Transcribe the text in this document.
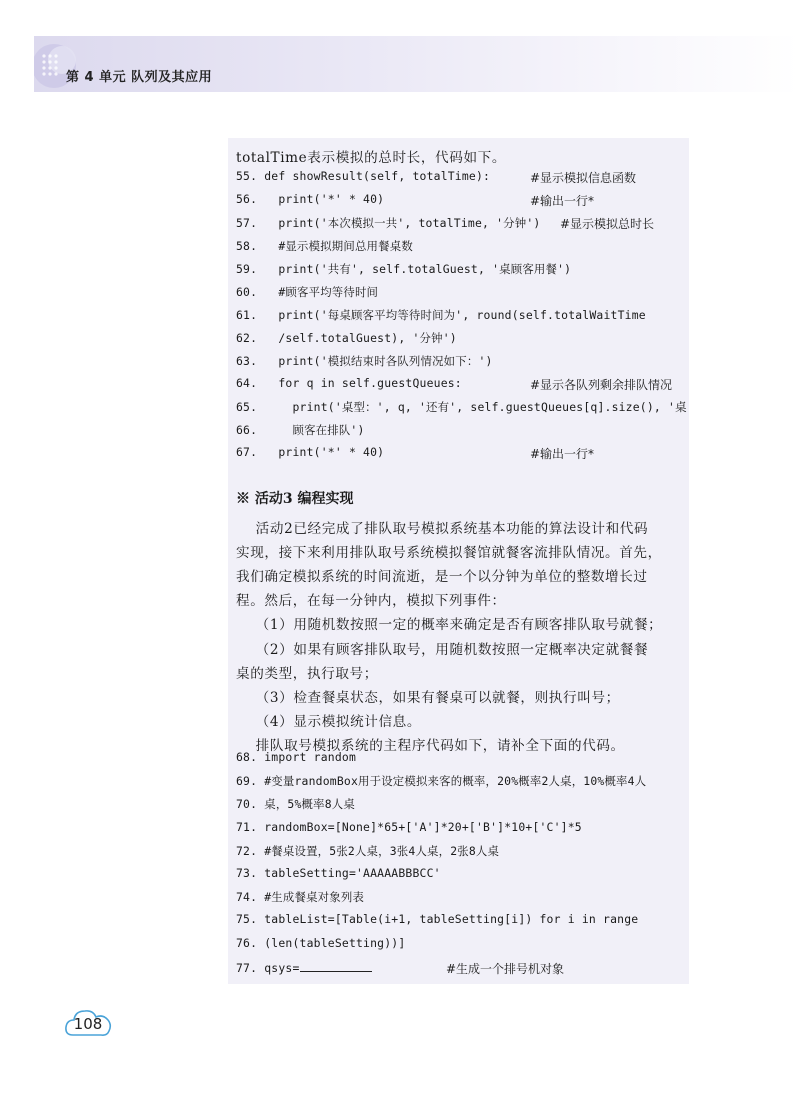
第 4 单元 队列及其应用
totalTime表示模拟的总时长，代码如下。
55. def showResult(self, totalTime):	#显示模拟信息函数
56.   print('*' * 40)	#输出一行*
57.   print('本次模拟一共', totalTime, '分钟') #显示模拟总时长
58.   #显示模拟期间总用餐桌数
59.   print('共有', self.totalGuest, '桌顾客用餐')
60.   #顾客平均等待时间
61.   print('每桌顾客平均等待时间为', round(self.totalWaitTime
62.   /self.totalGuest), '分钟')
63.   print('模拟结束时各队列情况如下：')
64.   for q in self.guestQueues:	#显示各队列剩余排队情况
65.     print('桌型：', q, '还有', self.guestQueues[q].size(), '桌
66.     顾客在排队')
67.   print('*' * 40)	#输出一行*
※ 活动3 编程实现
活动2已经完成了排队取号模拟系统基本功能的算法设计和代码
实现，接下来利用排队取号系统模拟餐馆就餐客流排队情况。首先，
我们确定模拟系统的时间流逝，是一个以分钟为单位的整数增长过
程。然后，在每一分钟内，模拟下列事件：
（1）用随机数按照一定的概率来确定是否有顾客排队取号就餐；
（2）如果有顾客排队取号，用随机数按照一定概率决定就餐餐
桌的类型，执行取号；
（3）检查餐桌状态，如果有餐桌可以就餐，则执行叫号；
（4）显示模拟统计信息。
排队取号模拟系统的主程序代码如下，请补全下面的代码。
68. import random
69. #变量randomBox用于设定模拟来客的概率，20%概率2人桌，10%概率4人
70. 桌，5%概率8人桌
71. randomBox=[None]*65+['A']*20+['B']*10+['C']*5
72. #餐桌设置，5张2人桌，3张4人桌，2张8人桌
73. tableSetting='AAAAABBBCC'
74. #生成餐桌对象列表
75. tableList=[Table(i+1, tableSetting[i]) for i in range
76. (len(tableSetting))]
77. qsys=	#生成一个排号机对象
108
